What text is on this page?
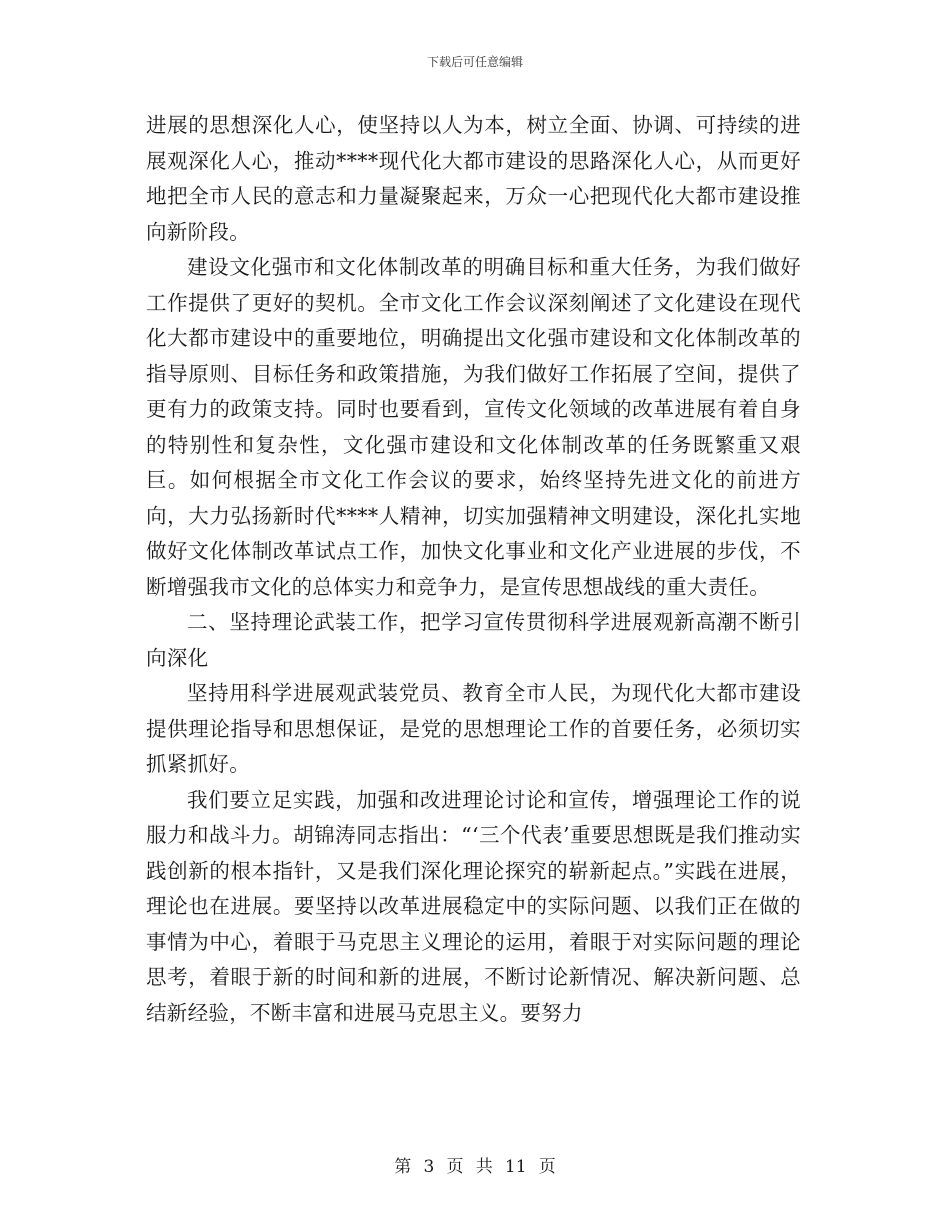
下载后可任意编辑

进展的思想深化人心，使坚持以人为本，树立全面、协调、可持续的进展观深化人心，推动****现代化大都市建设的思路深化人心，从而更好地把全市人民的意志和力量凝聚起来，万众一心把现代化大都市建设推向新阶段。

建设文化强市和文化体制改革的明确目标和重大任务，为我们做好工作提供了更好的契机。全市文化工作会议深刻阐述了文化建设在现代化大都市建设中的重要地位，明确提出文化强市建设和文化体制改革的指导原则、目标任务和政策措施，为我们做好工作拓展了空间，提供了更有力的政策支持。同时也要看到，宣传文化领域的改革进展有着自身的特别性和复杂性，文化强市建设和文化体制改革的任务既繁重又艰巨。如何根据全市文化工作会议的要求，始终坚持先进文化的前进方向，大力弘扬新时代****人精神，切实加强精神文明建设，深化扎实地做好文化体制改革试点工作，加快文化事业和文化产业进展的步伐，不断增强我市文化的总体实力和竞争力，是宣传思想战线的重大责任。

二、坚持理论武装工作，把学习宣传贯彻科学进展观新高潮不断引向深化

坚持用科学进展观武装党员、教育全市人民，为现代化大都市建设提供理论指导和思想保证，是党的思想理论工作的首要任务，必须切实抓紧抓好。

我们要立足实践，加强和改进理论讨论和宣传，增强理论工作的说服力和战斗力。胡锦涛同志指出：“‘三个代表’重要思想既是我们推动实践创新的根本指针，又是我们深化理论探究的崭新起点。”实践在进展，理论也在进展。要坚持以改革进展稳定中的实际问题、以我们正在做的事情为中心，着眼于马克思主义理论的运用，着眼于对实际问题的理论思考，着眼于新的时间和新的进展，不断讨论新情况、解决新问题、总结新经验，不断丰富和进展马克思主义。要努力

第 3 页 共 11 页
